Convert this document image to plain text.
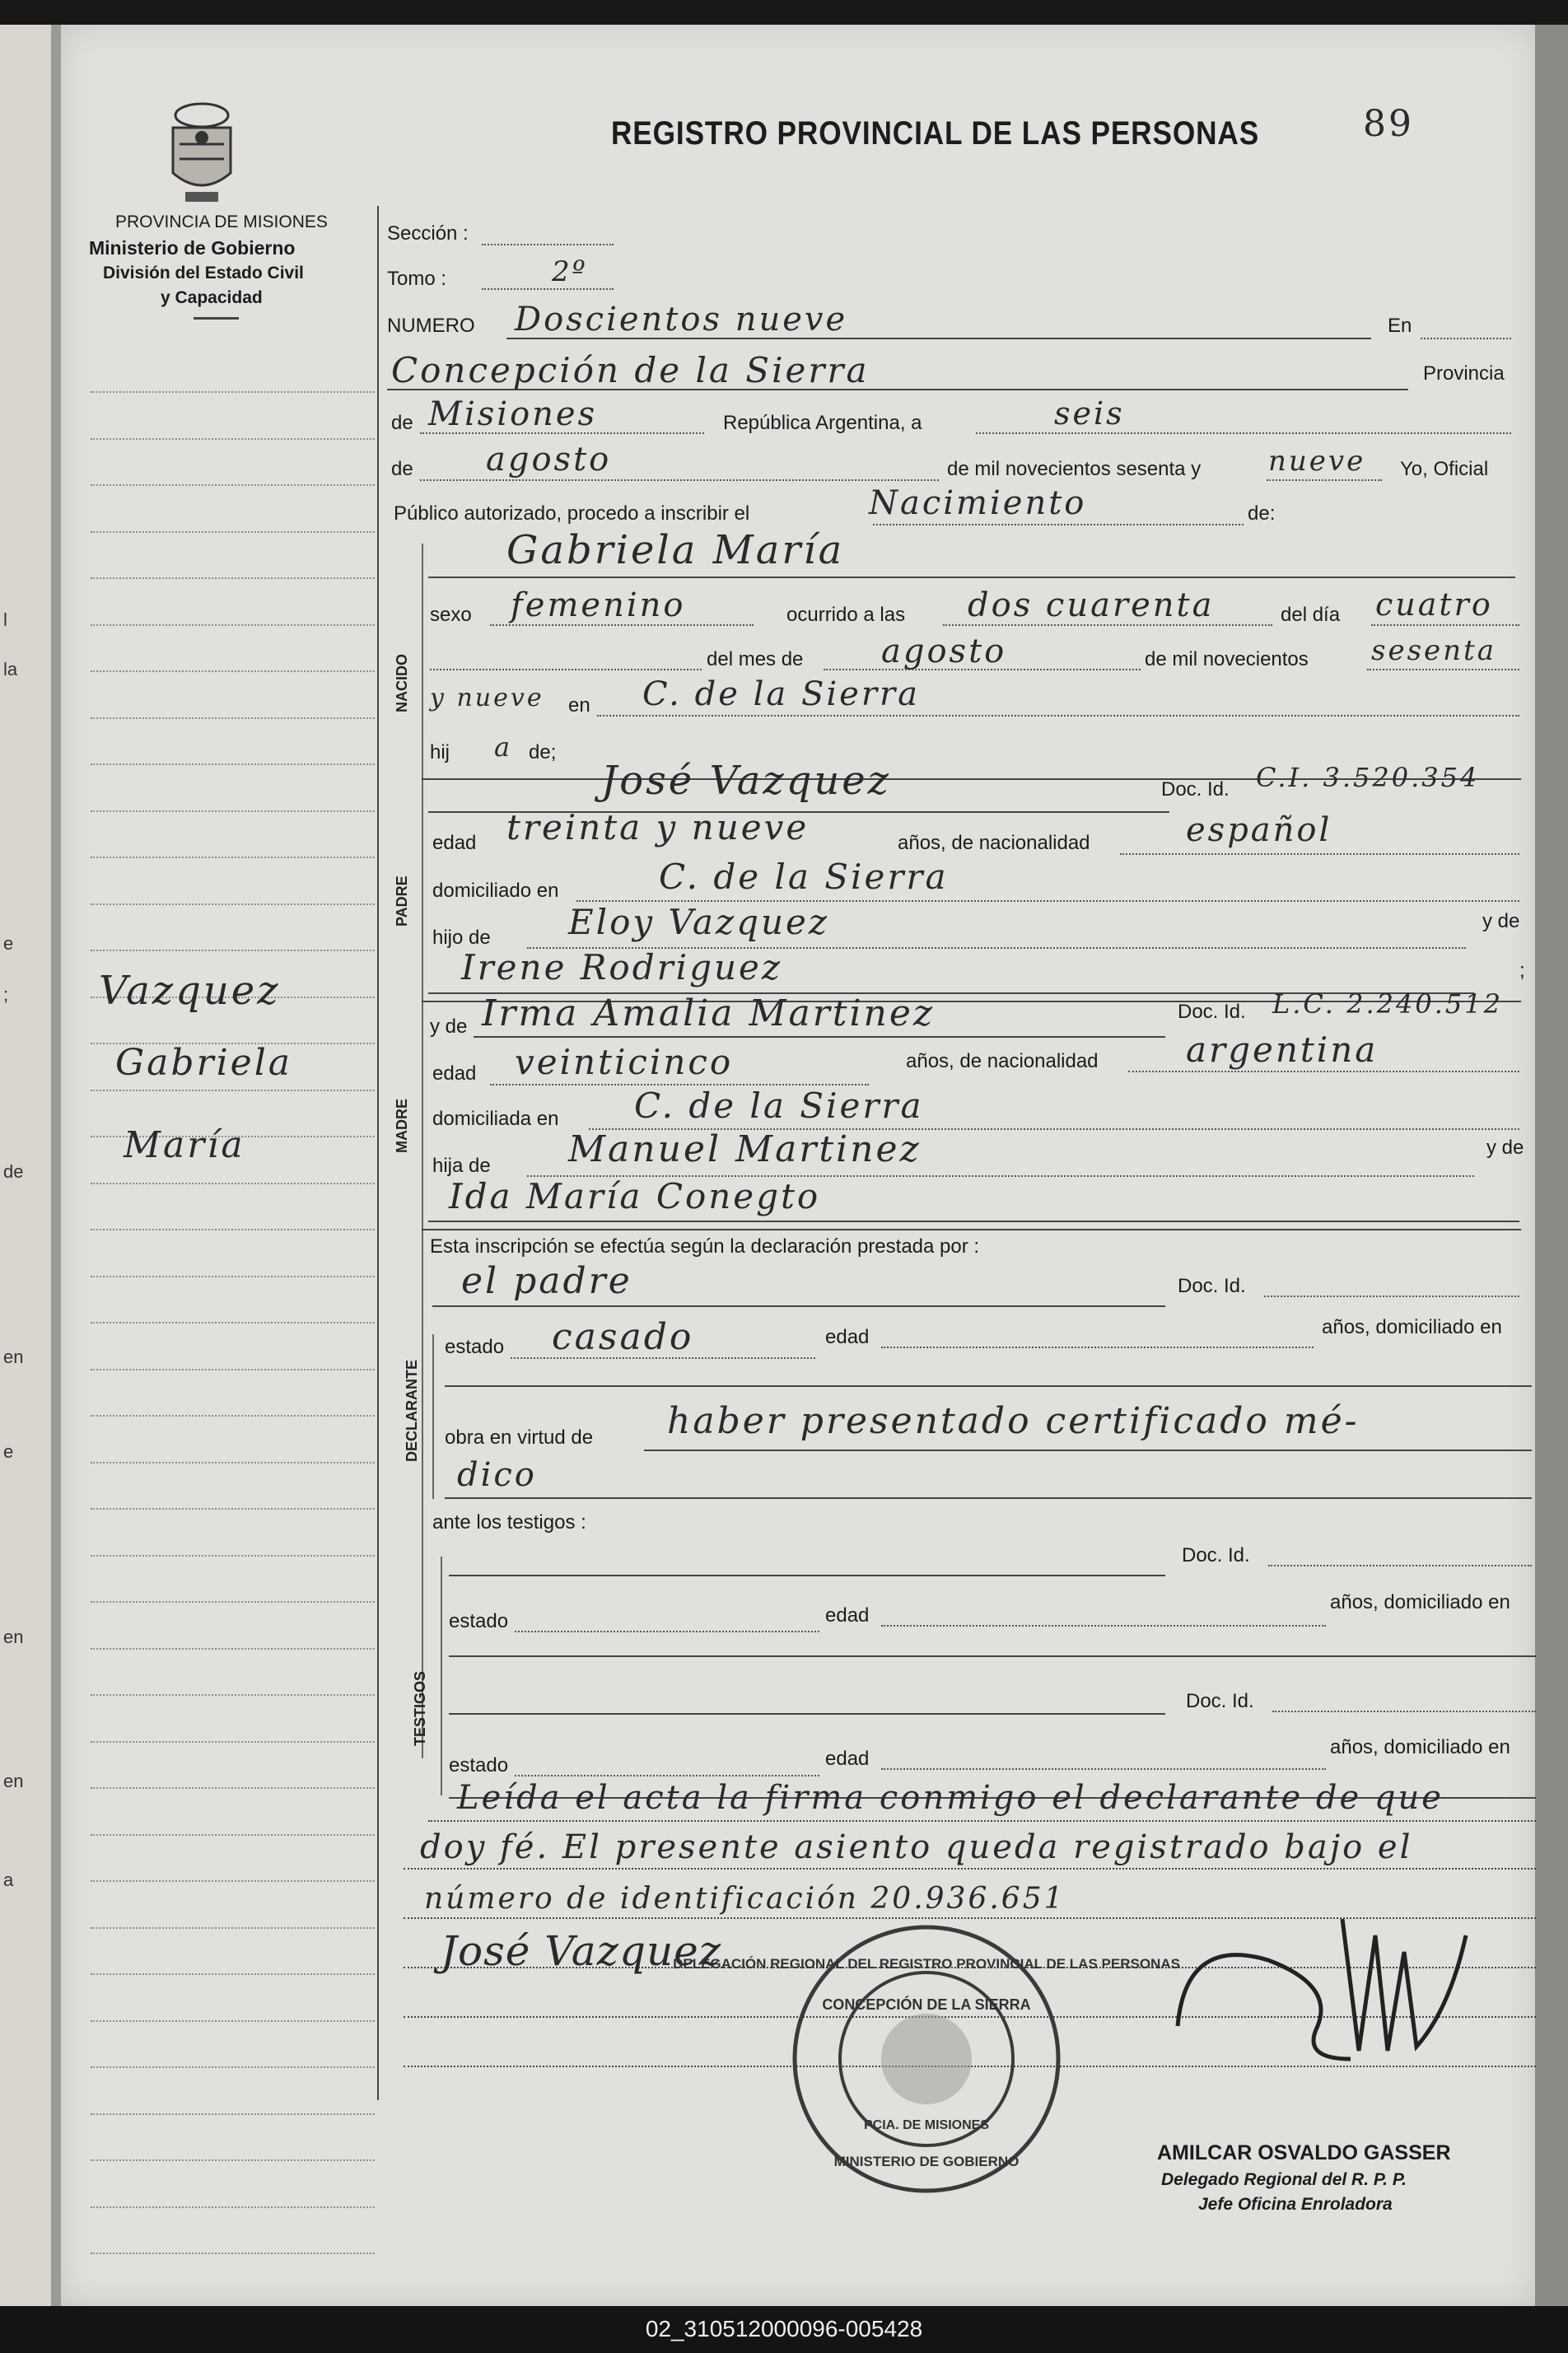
02_310512000096-005428
l
la
e
;
de
en
e
en
en
a
PROVINCIA DE MISIONES
Ministerio de Gobierno
División del Estado Civil
y Capacidad
REGISTRO PROVINCIAL DE LAS PERSONAS	89
Sección :
Tomo :	2º
NUMERO Doscientos nueve	En
Concepción de la Sierra	Provincia
de Misiones	República Argentina, a	seis
de agosto	de mil novecientos sesenta y nueve Yo, Oficial
Público autorizado, procedo a inscribir el	Nacimiento	de:
NACIDO
Gabriela María
sexo femenino	ocurrido a las dos cuarenta	del día cuatro
del mes de agosto	de mil novecientos sesenta
y nueve en C. de la Sierra
hij a de;
PADRE
José Vazquez	Doc. Id. C.I. 3.520.354
edad treinta y nueve	años, de nacionalidad	español
domiciliado en	C. de la Sierra
hijo de Eloy Vazquez	y de
Irene Rodriguez	;
MADRE
y de Irma Amalia Martinez	Doc. Id. L.C. 2.240.512
edad veinticinco	años, de nacionalidad	argentina
domiciliada en C. de la Sierra
hija de Manuel Martinez	y de
Ida María Conegto
Esta inscripción se efectúa según la declaración prestada por :
DECLARANTE
el padre	Doc. Id.
estado casado	edad	años, domiciliado en
obra en virtud de haber presentado certificado mé-
dico
ante los testigos :
TESTIGOS
Doc. Id.
estado	edad
años, domiciliado en
Doc. Id.
estado	edad
años, domiciliado en
Leída el acta la firma conmigo el declarante de que
doy fé. El presente asiento queda registrado bajo el
número de identificación 20.936.651
José Vazquez
DELEGACIÓN REGIONAL DEL REGISTRO PROVINCIAL DE LAS PERSONAS
CONCEPCIÓN DE LA SIERRA
PCIA. DE MISIONES
MINISTERIO DE GOBIERNO	AMILCAR OSVALDO GASSER
Delegado Regional del R. P. P.
Jefe Oficina Enroladora
Vazquez
Gabriela
María
